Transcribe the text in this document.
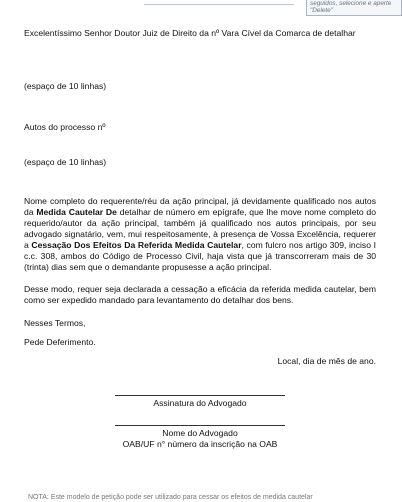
seguidos, selecione e aperte "Delete"
Excelentíssimo Senhor Doutor Juiz de Direito da nº Vara Cível da Comarca de detalhar
(espaço de 10 linhas)
Autos do processo nº
(espaço de 10 linhas)
Nome completo do requerente/réu da ação principal, já devidamente qualificado nos autos da Medida Cautelar De detalhar de número em epígrafe, que lhe move nome completo do requerido/autor da ação principal, também já qualificado nos autos principais, por seu advogado signatário, vem, mui respeitosamente, à presença de Vossa Excelência, requerer a Cessação Dos Efeitos Da Referida Medida Cautelar, com fulcro nos artigo 309, inciso I c.c. 308, ambos do Código de Processo Civil, haja vista que já transcorreram mais de 30 (trinta) dias sem que o demandante propusesse a ação principal.
Desse modo, requer seja declarada a cessação a eficácia da referida medida cautelar, bem como ser expedido mandado para levantamento do detalhar dos bens.
Nesses Termos,
Pede Deferimento.
Local, dia de mês de ano.
Assinatura do Advogado
Nome do Advogado
OAB/UF n° número da inscrição na OAB
NOTA: Este modelo de petição pode ser utilizado para cessar os efeitos de medida cautelar
